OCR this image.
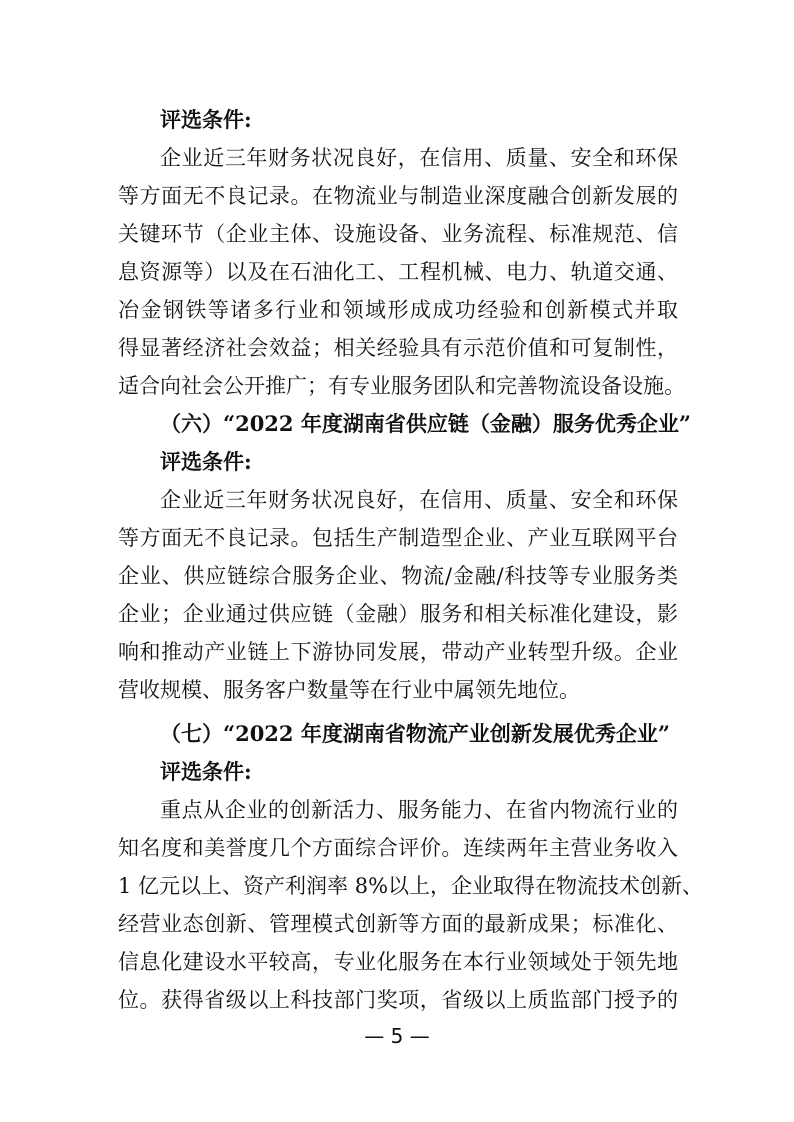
评选条件:
企业近三年财务状况良好，在信用、质量、安全和环保
等方面无不良记录。在物流业与制造业深度融合创新发展的
关键环节（企业主体、设施设备、业务流程、标准规范、信
息资源等）以及在石油化工、工程机械、电力、轨道交通、
冶金钢铁等诸多行业和领域形成成功经验和创新模式并取
得显著经济社会效益；相关经验具有示范价值和可复制性，
适合向社会公开推广；有专业服务团队和完善物流设备设施。
（六）“2022 年度湖南省供应链（金融）服务优秀企业”
评选条件:
企业近三年财务状况良好，在信用、质量、安全和环保
等方面无不良记录。包括生产制造型企业、产业互联网平台
企业、供应链综合服务企业、物流/金融/科技等专业服务类
企业；企业通过供应链（金融）服务和相关标准化建设，影
响和推动产业链上下游协同发展，带动产业转型升级。企业
营收规模、服务客户数量等在行业中属领先地位。
（七）“2022 年度湖南省物流产业创新发展优秀企业”
评选条件:
重点从企业的创新活力、服务能力、在省内物流行业的
知名度和美誉度几个方面综合评价。连续两年主营业务收入
1 亿元以上、资产利润率 8%以上，企业取得在物流技术创新、
经营业态创新、管理模式创新等方面的最新成果；标准化、
信息化建设水平较高，专业化服务在本行业领域处于领先地
位。获得省级以上科技部门奖项，省级以上质监部门授予的
— 5 —
